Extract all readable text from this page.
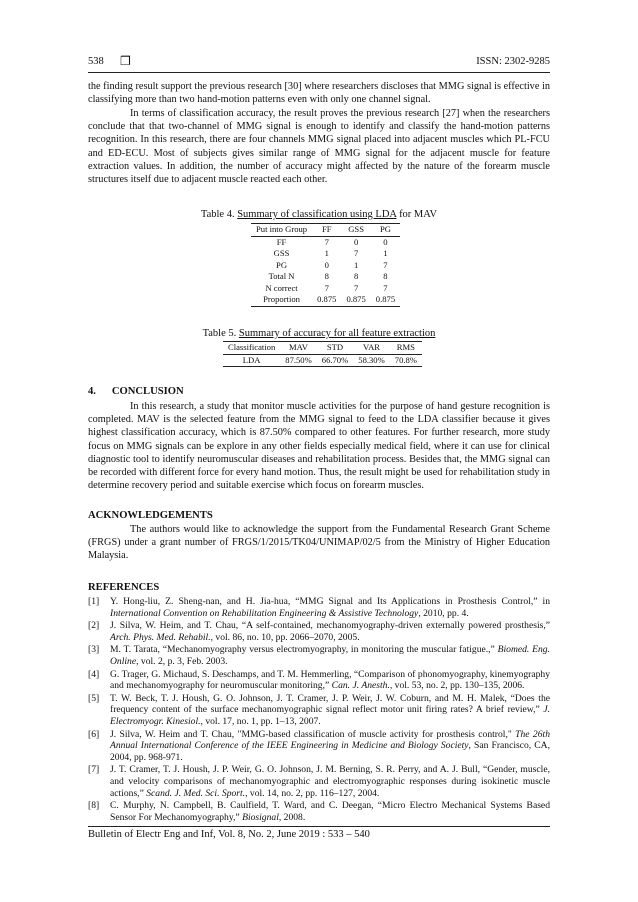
538 ❒	ISSN: 2302-9285

the finding result support the previous research [30] where researchers discloses that MMG signal is effective in classifying more than two hand-motion patterns even with only one channel signal.

In terms of classification accuracy, the result proves the previous research [27] when the researchers conclude that that two-channel of MMG signal is enough to identify and classify the hand-motion patterns recognition. In this research, there are four channels MMG signal placed into adjacent muscles which PL-FCU and ED-ECU. Most of subjects gives similar range of MMG signal for the adjacent muscle for feature extraction values. In addition, the number of accuracy might affected by the nature of the forearm muscle structures itself due to adjacent muscle reacted each other.

Table 4. Summary of classification using LDA for MAV
Put into Group	FF	GSS	PG
FF	7	0	0
GSS	1	7	1
PG	0	1	7
Total N	8	8	8
N correct	7	7	7
Proportion	0.875	0.875	0.875
Table 5. Summary of accuracy for all feature extraction
Classification	MAV	STD	VAR	RMS
LDA	87.50%	66.70%	58.30%	70.8%
4.      CONCLUSION

In this research, a study that monitor muscle activities for the purpose of hand gesture recognition is completed. MAV is the selected feature from the MMG signal to feed to the LDA classifier because it gives highest classification accuracy, which is 87.50% compared to other features. For further research, more study focus on MMG signals can be explore in any other fields especially medical field, where it can use for clinical diagnostic tool to identify neuromuscular diseases and rehabilitation process. Besides that, the MMG signal can be recorded with different force for every hand motion. Thus, the result might be used for rehabilitation study in determine recovery period and suitable exercise which focus on forearm muscles.

ACKNOWLEDGEMENTS

The authors would like to acknowledge the support from the Fundamental Research Grant Scheme (FRGS) under a grant number of FRGS/1/2015/TK04/UNIMAP/02/5 from the Ministry of Higher Education Malaysia.

REFERENCES
[1] Y. Hong-liu, Z. Sheng-nan, and H. Jia-hua, “MMG Signal and Its Applications in Prosthesis Control,” in International Convention on Rehabilitation Engineering & Assistive Technology, 2010, pp. 4.
[2] J. Silva, W. Heim, and T. Chau, “A self-contained, mechanomyography-driven externally powered prosthesis,” Arch. Phys. Med. Rehabil., vol. 86, no. 10, pp. 2066–2070, 2005.
[3] M. T. Tarata, “Mechanomyography versus electromyography, in monitoring the muscular fatigue.,” Biomed. Eng. Online, vol. 2, p. 3, Feb. 2003.
[4] G. Trager, G. Michaud, S. Deschamps, and T. M. Hemmerling, “Comparison of phonomyography, kinemyography and mechanomyography for neuromuscular monitoring,” Can. J. Anesth., vol. 53, no. 2, pp. 130–135, 2006.
[5] T. W. Beck, T. J. Housh, G. O. Johnson, J. T. Cramer, J. P. Weir, J. W. Coburn, and M. H. Malek, “Does the frequency content of the surface mechanomyographic signal reflect motor unit firing rates? A brief review,” J. Electromyogr. Kinesiol., vol. 17, no. 1, pp. 1–13, 2007.
[6] J. Silva, W. Heim and T. Chau, "MMG-based classification of muscle activity for prosthesis control," The 26th Annual International Conference of the IEEE Engineering in Medicine and Biology Society, San Francisco, CA, 2004, pp. 968-971.
[7] J. T. Cramer, T. J. Housh, J. P. Weir, G. O. Johnson, J. M. Berning, S. R. Perry, and A. J. Bull, “Gender, muscle, and velocity comparisons of mechanomyographic and electromyographic responses during isokinetic muscle actions,” Scand. J. Med. Sci. Sport., vol. 14, no. 2, pp. 116–127, 2004.
[8] C. Murphy, N. Campbell, B. Caulfield, T. Ward, and C. Deegan, “Micro Electro Mechanical Systems Based Sensor For Mechanomyography,” Biosignal, 2008.
Bulletin of Electr Eng and Inf, Vol. 8, No. 2, June 2019 : 533 – 540
